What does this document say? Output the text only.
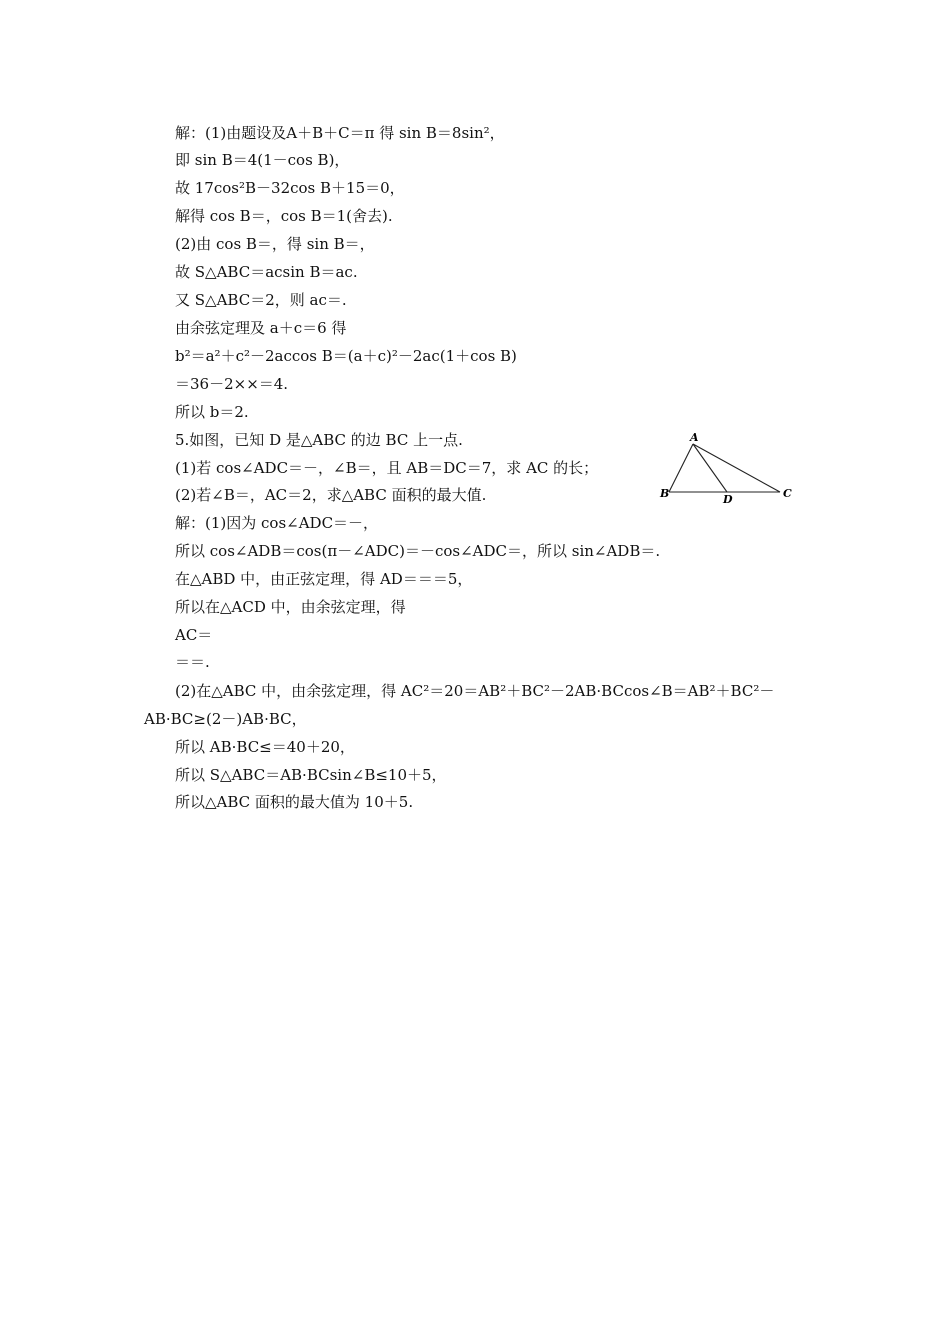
解：(1)由题设及A＋B＋C＝π 得 sin B＝8sin²，
即 sin B＝4(1－cos B)，
故 17cos²B－32cos B＋15＝0，
解得 cos B＝，cos B＝1(舍去).
(2)由 cos B＝，得 sin B＝，
故 S△ABC＝acsin B＝ac.
又 S△ABC＝2，则 ac＝.
由余弦定理及 a＋c＝6 得
b²＝a²＋c²－2accos B＝(a＋c)²－2ac(1＋cos B)
＝36－2××＝4.
所以 b＝2.
5.如图，已知 D 是△ABC 的边 BC 上一点.
(1)若 cos∠ADC＝－，∠B＝，且 AB＝DC＝7，求 AC 的长；
(2)若∠B＝，AC＝2，求△ABC 面积的最大值.
解：(1)因为 cos∠ADC＝－，
所以 cos∠ADB＝cos(π－∠ADC)＝－cos∠ADC＝，所以 sin∠ADB＝.
在△ABD 中，由正弦定理，得 AD＝＝＝5，
所以在△ACD 中，由余弦定理，得
AC＝
＝＝.
(2)在△ABC 中，由余弦定理，得 AC²＝20＝AB²＋BC²－2AB·BCcos∠B＝AB²＋BC²－
AB·BC≥(2－)AB·BC，
所以 AB·BC≤＝40＋20，
所以 S△ABC＝AB·BCsin∠B≤10＋5，
所以△ABC 面积的最大值为 10＋5.
A
B	C
D
